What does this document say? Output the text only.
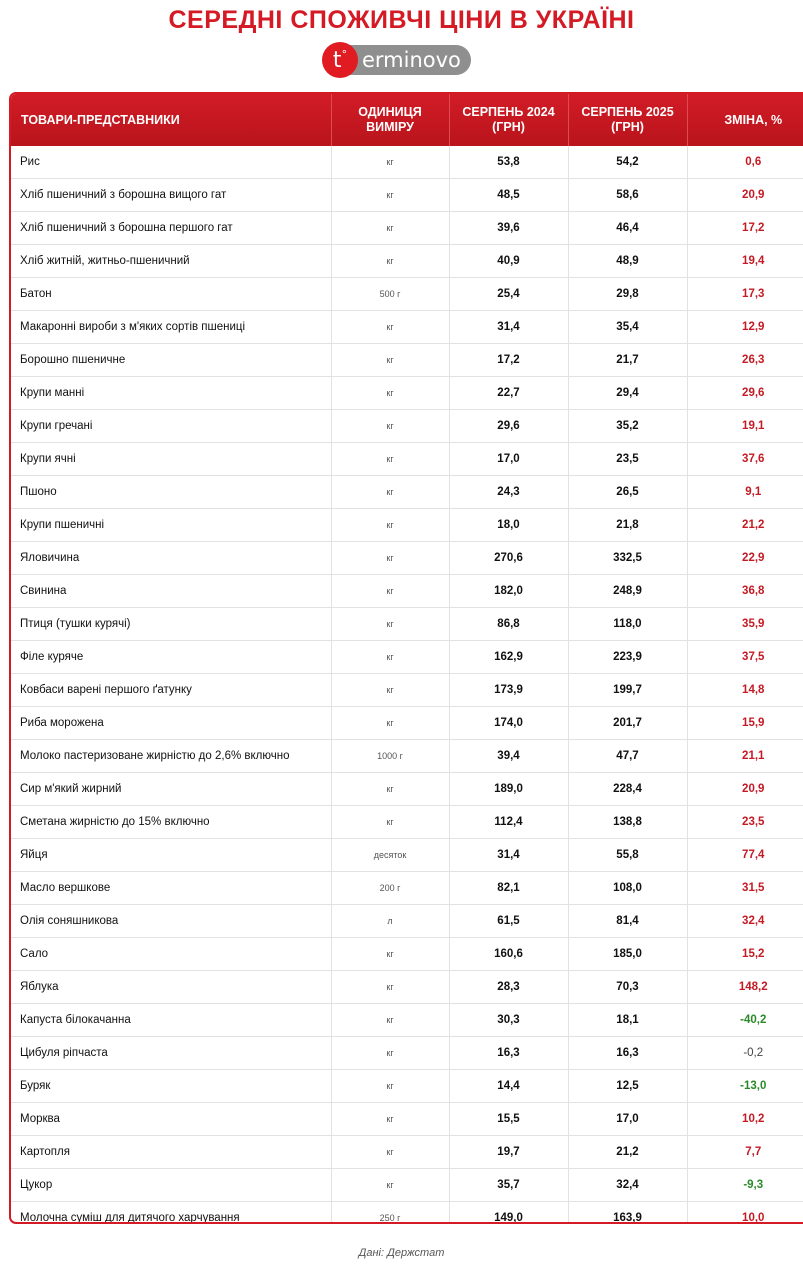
СЕРЕДНІ СПОЖИВЧІ ЦІНИ В УКРАЇНІ
t° erminovo
ТОВАРИ-ПРЕДСТАВНИКИ	ОДИНИЦЯ ВИМІРУ	СЕРПЕНЬ 2024 (ГРН)	СЕРПЕНЬ 2025 (ГРН)	ЗМІНА, %
Рис	кг	53,8	54,2	0,6
Хліб пшеничний з борошна вищого гат	кг	48,5	58,6	20,9
Хліб пшеничний з борошна першого гат	кг	39,6	46,4	17,2
Хліб житній, житньо-пшеничний	кг	40,9	48,9	19,4
Батон	500 г	25,4	29,8	17,3
Макаронні вироби з м'яких сортів пшениці	кг	31,4	35,4	12,9
Борошно пшеничне	кг	17,2	21,7	26,3
Крупи манні	кг	22,7	29,4	29,6
Крупи гречані	кг	29,6	35,2	19,1
Крупи ячні	кг	17,0	23,5	37,6
Пшоно	кг	24,3	26,5	9,1
Крупи пшеничні	кг	18,0	21,8	21,2
Яловичина	кг	270,6	332,5	22,9
Свинина	кг	182,0	248,9	36,8
Птиця (тушки курячі)	кг	86,8	118,0	35,9
Філе куряче	кг	162,9	223,9	37,5
Ковбаси варені першого ґатунку	кг	173,9	199,7	14,8
Риба морожена	кг	174,0	201,7	15,9
Молоко пастеризоване жирністю до 2,6% включно	1000 г	39,4	47,7	21,1
Сир м'який жирний	кг	189,0	228,4	20,9
Сметана жирністю до 15% включно	кг	112,4	138,8	23,5
Яйця	десяток	31,4	55,8	77,4
Масло вершкове	200 г	82,1	108,0	31,5
Олія соняшникова	л	61,5	81,4	32,4
Сало	кг	160,6	185,0	15,2
Яблука	кг	28,3	70,3	148,2
Капуста білокачанна	кг	30,3	18,1	-40,2
Цибуля ріпчаста	кг	16,3	16,3	-0,2
Буряк	кг	14,4	12,5	-13,0
Морква	кг	15,5	17,0	10,2
Картопля	кг	19,7	21,2	7,7
Цукор	кг	35,7	32,4	-9,3
Молочна суміш для дитячого харчування	250 г	149,0	163,9	10,0
Дані: Держстат
